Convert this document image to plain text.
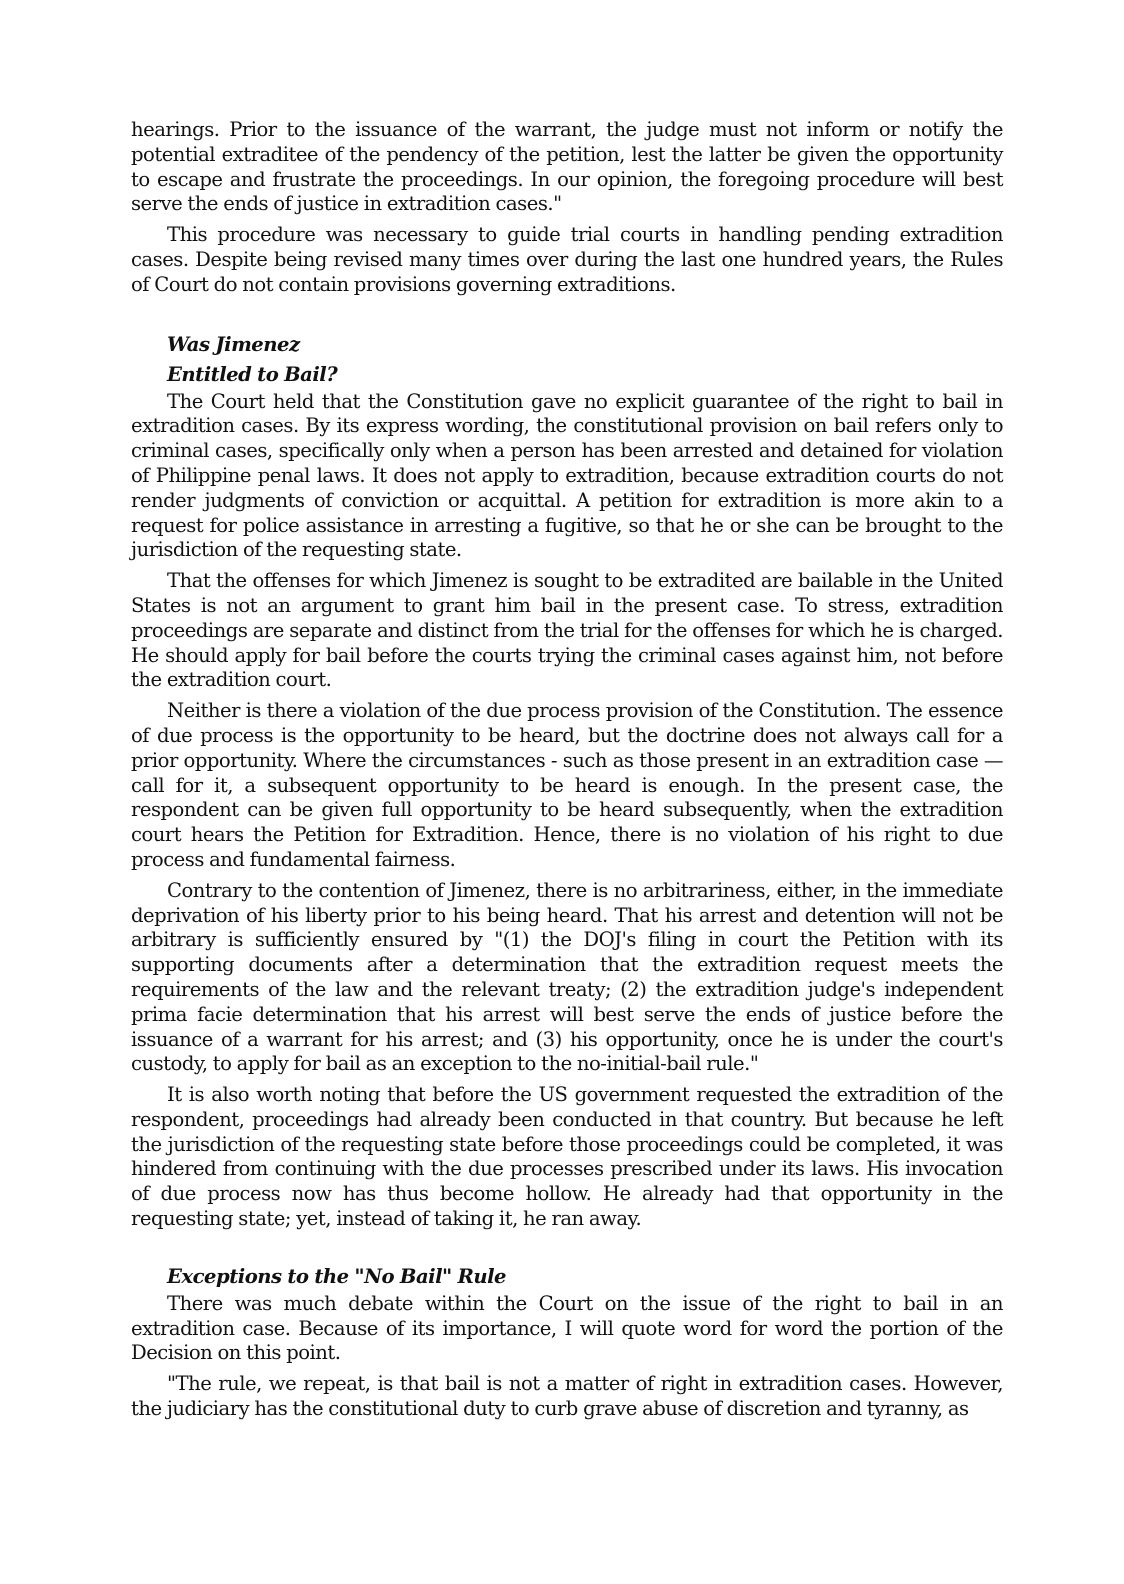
hearings. Prior to the issuance of the warrant, the judge must not inform or notify the potential extraditee of the pendency of the petition, lest the latter be given the opportunity to escape and frustrate the proceedings. In our opinion, the foregoing procedure will best serve the ends of justice in extradition cases."

This procedure was necessary to guide trial courts in handling pending extradition cases. Despite being revised many times over during the last one hundred years, the Rules of Court do not contain provisions governing extraditions.

Was Jimenez
Entitled to Bail?

The Court held that the Constitution gave no explicit guarantee of the right to bail in extradition cases. By its express wording, the constitutional provision on bail refers only to criminal cases, specifically only when a person has been arrested and detained for violation of Philippine penal laws. It does not apply to extradition, because extradition courts do not render judgments of conviction or acquittal. A petition for extradition is more akin to a request for police assistance in arresting a fugitive, so that he or she can be brought to the jurisdiction of the requesting state.

That the offenses for which Jimenez is sought to be extradited are bailable in the United States is not an argument to grant him bail in the present case. To stress, extradition proceedings are separate and distinct from the trial for the offenses for which he is charged. He should apply for bail before the courts trying the criminal cases against him, not before the extradition court.

Neither is there a violation of the due process provision of the Constitution. The essence of due process is the opportunity to be heard, but the doctrine does not always call for a prior opportunity. Where the circumstances - such as those present in an extradition case — call for it, a subsequent opportunity to be heard is enough. In the present case, the respondent can be given full opportunity to be heard subsequently, when the extradition court hears the Petition for Extradition. Hence, there is no violation of his right to due process and fundamental fairness.

Contrary to the contention of Jimenez, there is no arbitrariness, either, in the immediate deprivation of his liberty prior to his being heard. That his arrest and detention will not be arbitrary is sufficiently ensured by "(1) the DOJ's filing in court the Petition with its supporting documents after a determination that the extradition request meets the requirements of the law and the relevant treaty; (2) the extradition judge's independent prima facie determination that his arrest will best serve the ends of justice before the issuance of a warrant for his arrest; and (3) his opportunity, once he is under the court's custody, to apply for bail as an exception to the no-initial-bail rule."

It is also worth noting that before the US government requested the extradition of the respondent, proceedings had already been conducted in that country. But because he left the jurisdiction of the requesting state before those proceedings could be completed, it was hindered from continuing with the due processes prescribed under its laws. His invocation of due process now has thus become hollow. He already had that opportunity in the requesting state; yet, instead of taking it, he ran away.

Exceptions to the "No Bail" Rule

There was much debate within the Court on the issue of the right to bail in an extradition case. Because of its importance, I will quote word for word the portion of the Decision on this point.

"The rule, we repeat, is that bail is not a matter of right in extradition cases. However, the judiciary has the constitutional duty to curb grave abuse of discretion and tyranny, as
